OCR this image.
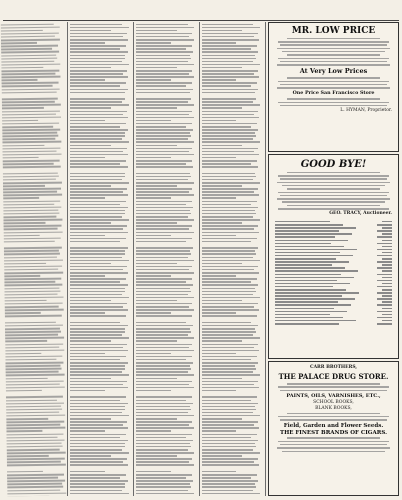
MR. LOW PRICE
At Very Low Prices
One Price San Francisco Store
L. HYMAN, Proprietor.
GOOD BYE!
GEO. TRACY, Auctioneer.
CARR BROTHERS,
THE PALACE DRUG STORE.
PAINTS, OILS, VARNISHES, ETC.,
SCHOOL BOOKS,
BLANK BOOKS,
Field, Garden and Flower Seeds.
THE FINEST BRANDS OF CIGARS.
